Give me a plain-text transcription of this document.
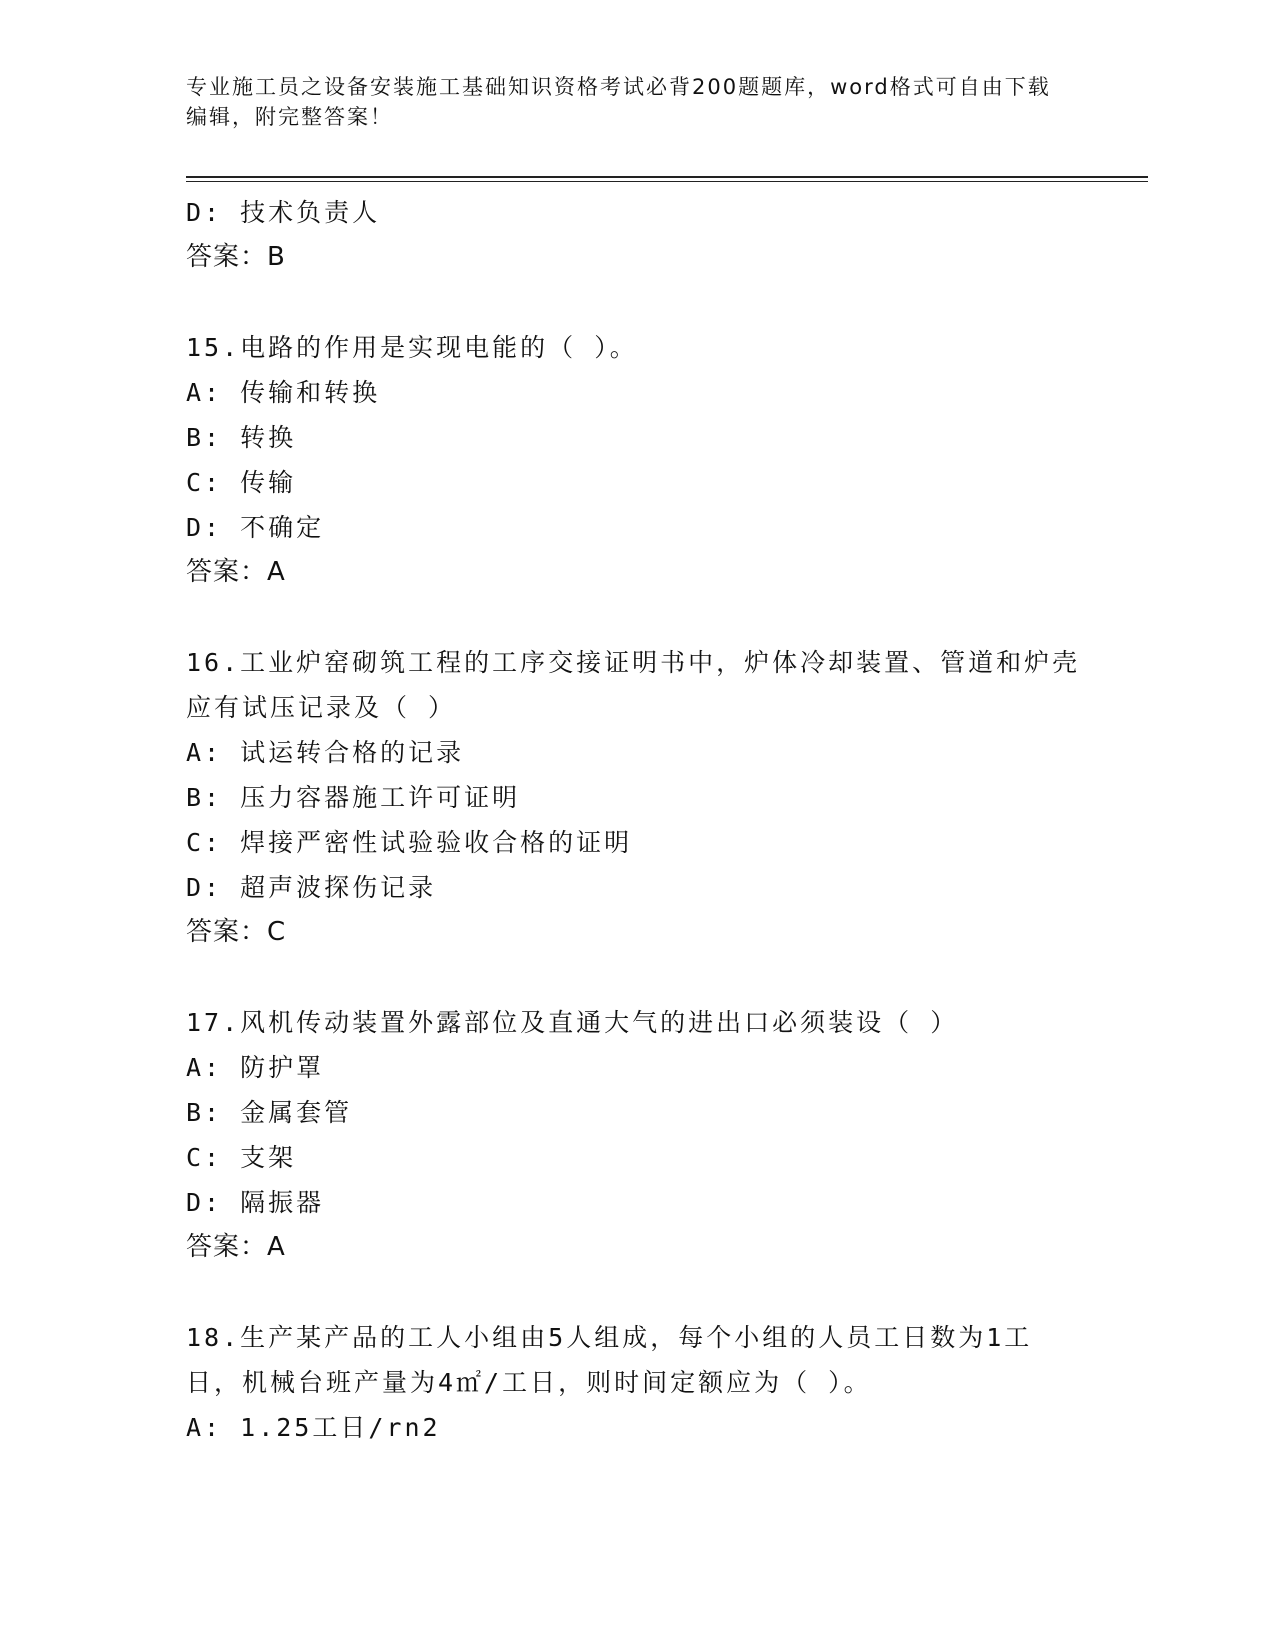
专业施工员之设备安装施工基础知识资格考试必背200题题库，word格式可自由下载编辑，附完整答案！
D: 技术负责人
答案：B
15.电路的作用是实现电能的（ ）。
A: 传输和转换
B: 转换
C: 传输
D: 不确定
答案：A
16.工业炉窑砌筑工程的工序交接证明书中，炉体冷却装置、管道和炉壳应有试压记录及（ ）
A: 试运转合格的记录
B: 压力容器施工许可证明
C: 焊接严密性试验验收合格的证明
D: 超声波探伤记录
答案：C
17.风机传动装置外露部位及直通大气的进出口必须装设（ ）
A: 防护罩
B: 金属套管
C: 支架
D: 隔振器
答案：A
18.生产某产品的工人小组由5人组成，每个小组的人员工日数为1工日，机械台班产量为4㎡/工日，则时间定额应为（ ）。
A: 1.25工日/rn2
